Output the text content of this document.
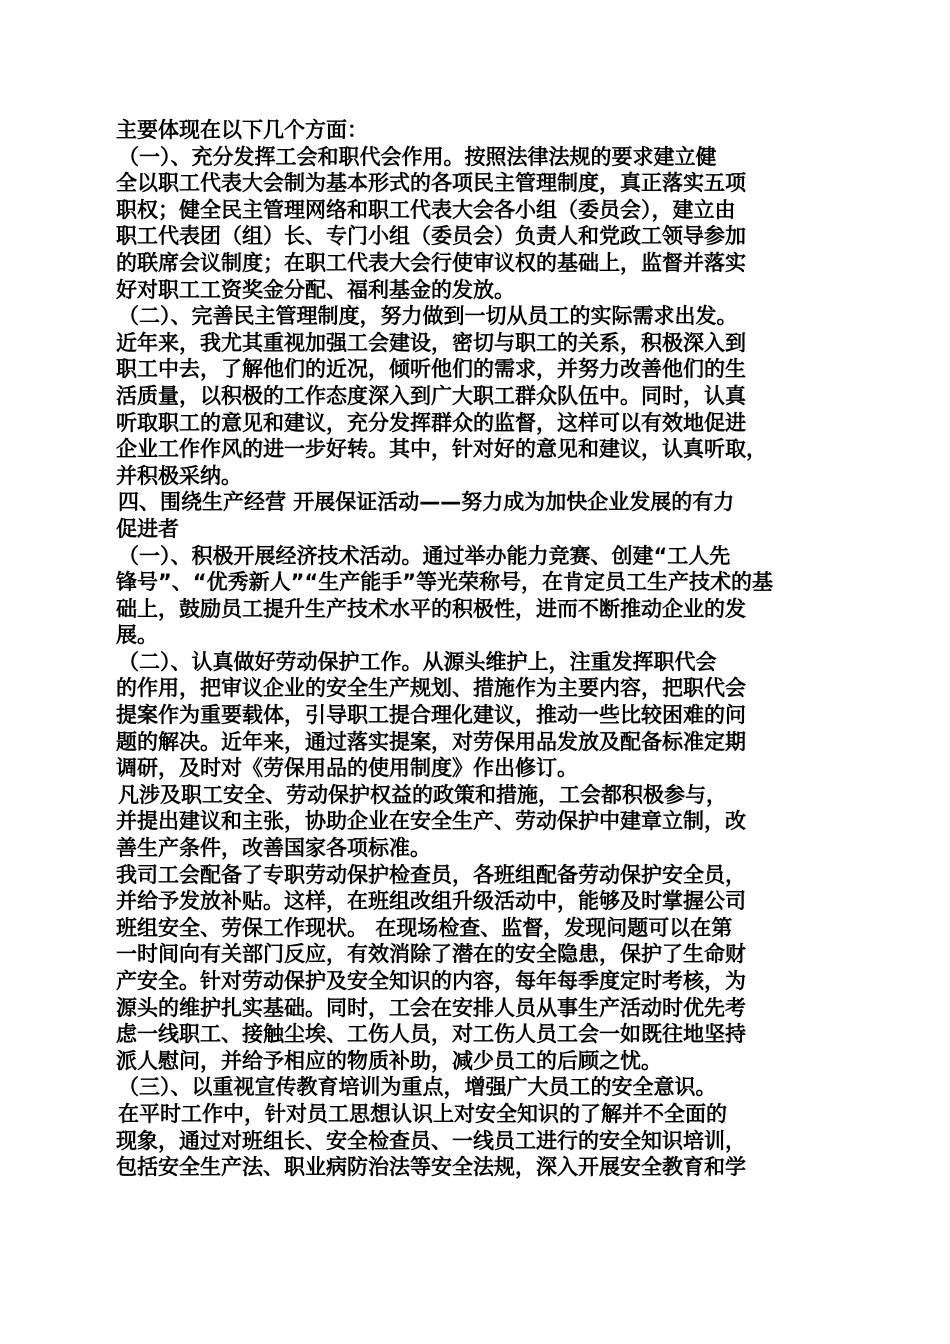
主要体现在以下几个方面：
（一）、充分发挥工会和职代会作用。按照法律法规的要求建立健
全以职工代表大会制为基本形式的各项民主管理制度，真正落实五项
职权；健全民主管理网络和职工代表大会各小组（委员会），建立由
职工代表团（组）长、专门小组（委员会）负责人和党政工领导参加
的联席会议制度；在职工代表大会行使审议权的基础上，监督并落实
好对职工工资奖金分配、福利基金的发放。
（二）、完善民主管理制度，努力做到一切从员工的实际需求出发。
近年来，我尤其重视加强工会建设，密切与职工的关系，积极深入到
职工中去，了解他们的近况，倾听他们的需求，并努力改善他们的生
活质量，以积极的工作态度深入到广大职工群众队伍中。同时，认真
听取职工的意见和建议，充分发挥群众的监督，这样可以有效地促进
企业工作作风的进一步好转。其中，针对好的意见和建议，认真听取，
并积极采纳。
四、围绕生产经营 开展保证活动——努力成为加快企业发展的有力
促进者
（一）、积极开展经济技术活动。通过举办能力竞赛、创建“工人先
锋号”、“优秀新人”“生产能手”等光荣称号，在肯定员工生产技术的基
础上，鼓励员工提升生产技术水平的积极性，进而不断推动企业的发
展。
（二）、认真做好劳动保护工作。从源头维护上，注重发挥职代会
的作用，把审议企业的安全生产规划、措施作为主要内容，把职代会
提案作为重要载体，引导职工提合理化建议，推动一些比较困难的问
题的解决。近年来，通过落实提案，对劳保用品发放及配备标准定期
调研，及时对《劳保用品的使用制度》作出修订。
凡涉及职工安全、劳动保护权益的政策和措施，工会都积极参与，
并提出建议和主张，协助企业在安全生产、劳动保护中建章立制，改
善生产条件，改善国家各项标准。
我司工会配备了专职劳动保护检查员，各班组配备劳动保护安全员，
并给予发放补贴。这样，在班组改组升级活动中，能够及时掌握公司
班组安全、劳保工作现状。 在现场检查、监督，发现问题可以在第
一时间向有关部门反应，有效消除了潜在的安全隐患，保护了生命财
产安全。针对劳动保护及安全知识的内容，每年每季度定时考核，为
源头的维护扎实基础。同时，工会在安排人员从事生产活动时优先考
虑一线职工、接触尘埃、工伤人员，对工伤人员工会一如既往地坚持
派人慰问，并给予相应的物质补助，减少员工的后顾之忧。
（三）、以重视宣传教育培训为重点，增强广大员工的安全意识。
在平时工作中，针对员工思想认识上对安全知识的了解并不全面的
现象，通过对班组长、安全检查员、一线员工进行的安全知识培训，
包括安全生产法、职业病防治法等安全法规，深入开展安全教育和学
